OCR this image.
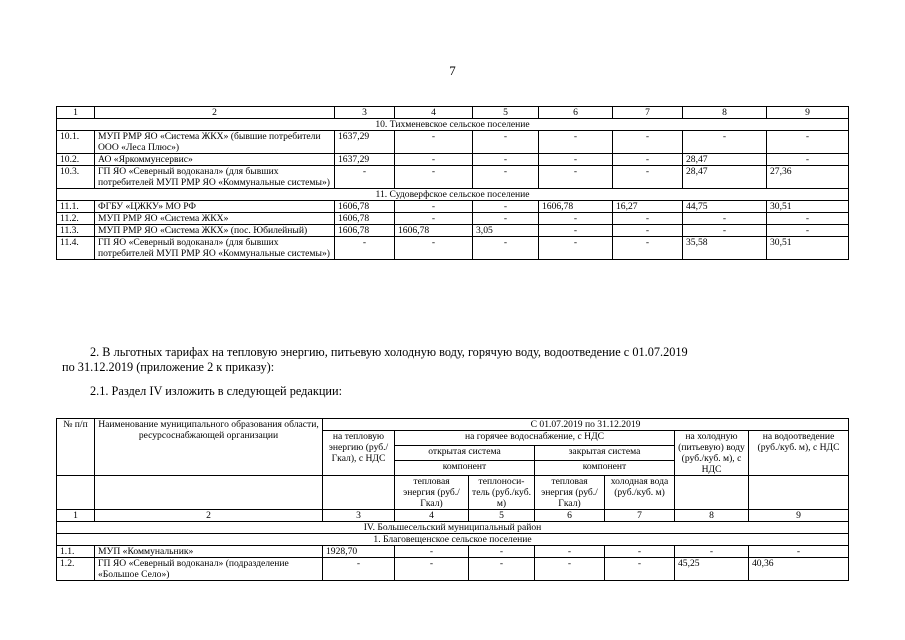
7
1	2	3	4	5	6	7	8	9
10. Тихменевское сельское поселение								
10.1.	МУП РМР ЯО «Система ЖКХ» (бывшие потребители ООО «Леса Плюс»)	1637,29	-	-	-	-	-	-
10.2.	АО «Яркоммунсервис»	1637,29	-	-	-	-	28,47	-
10.3.	ГП ЯО «Северный водоканал» (для бывших потребителей МУП РМР ЯО «Коммунальные системы»)	-	-	-	-	-	28,47	27,36
11. Судоверфское сельское поселение								
11.1.	ФГБУ «ЦЖКУ» МО РФ	1606,78	-	-	1606,78	16,27	44,75	30,51
11.2.	МУП РМР ЯО «Система ЖКХ»	1606,78	-	-	-	-	-	-
11.3.	МУП РМР ЯО «Система ЖКХ» (пос. Юбилейный)	1606,78	1606,78	3,05	-	-	-	-
11.4.	ГП ЯО «Северный водоканал» (для бывших потребителей МУП РМР ЯО «Коммунальные системы»)	-	-	-	-	-	35,58	30,51
2. В льготных тарифах на тепловую энергию, питьевую холодную воду, горячую воду, водоотведение с 01.07.2019
по 31.12.2019 (приложение 2 к приказу):
2.1. Раздел IV изложить в следующей редакции:
№ п/п	Наименование муниципального образования области, ресурсоснабжающей организации	С 01.07.2019 по 31.12.2019						
		на тепловую энергию (руб./Гкал), с НДС	на горячее водоснабжение, с НДС				на холодную (питьевую) воду (руб./куб. м), с НДС	на водоотведение (руб./куб. м), с НДС
			открытая система		закрытая система			
			компонент		компонент			
			тепловая энергия (руб./Гкал)	теплоноси-тель (руб./куб. м)	тепловая энергия (руб./Гкал)	холодная вода (руб./куб. м)		
1	2	3	4	5	6	7	8	9
IV. Большесельский муниципальный район								
1. Благовещенское сельское поселение								
1.1.	МУП «Коммунальник»	1928,70	-	-	-	-	-	-
1.2.	ГП ЯО «Северный водоканал» (подразделение «Большое Село»)	-	-	-	-	-	45,25	40,36
